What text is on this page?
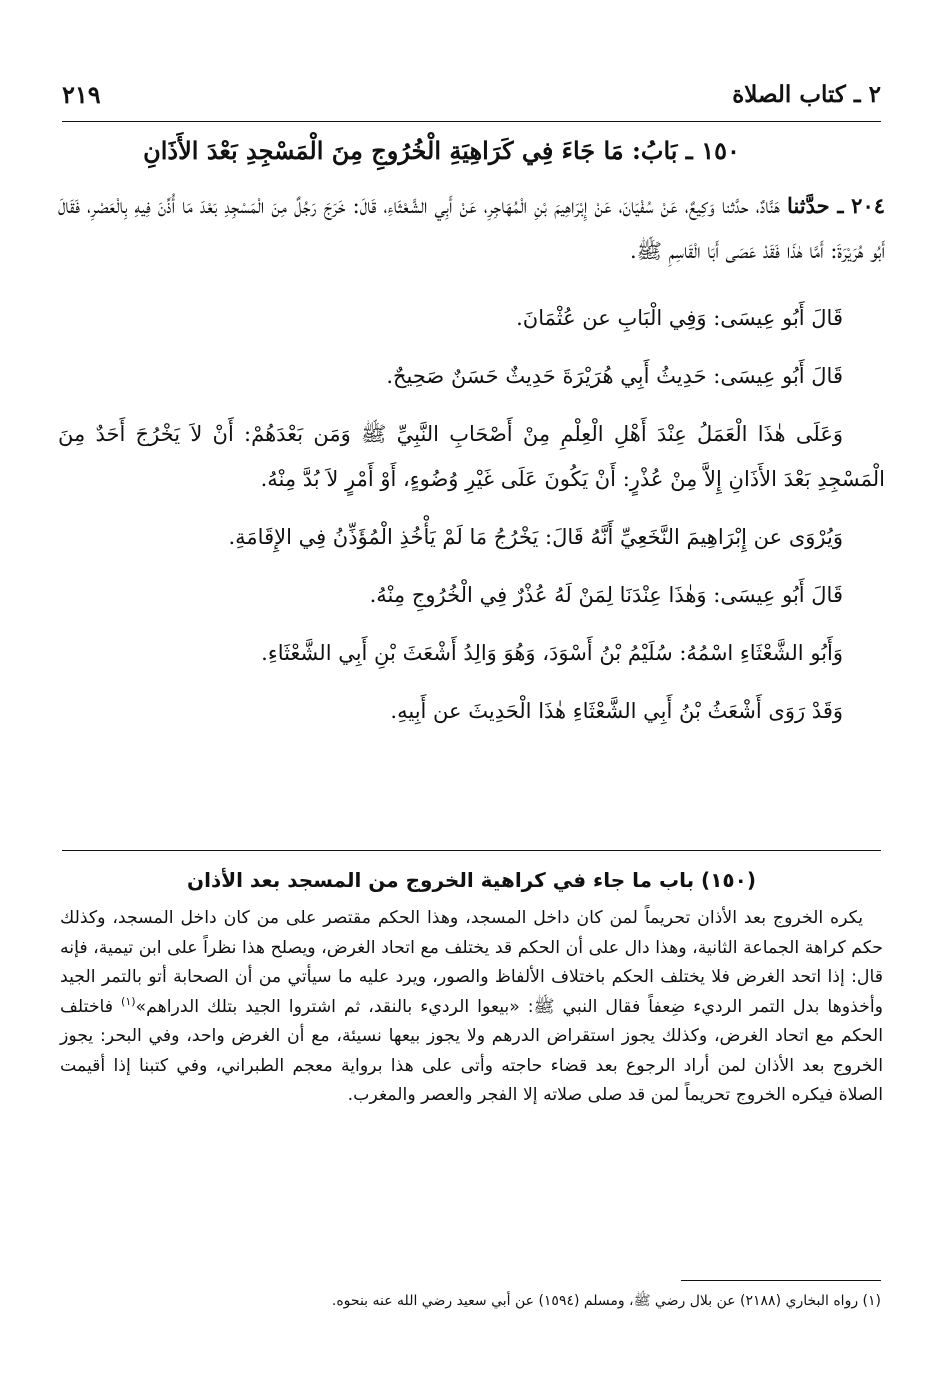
٢ ـ كتاب الصلاة
٢١٩
١٥٠ ـ بَابُ: مَا جَاءَ فِي كَرَاهِيَةِ الْخُرُوجِ مِنَ الْمَسْجِدِ بَعْدَ الأَذَانِ

٢٠٤ ـ حدَّثنا هَنَّادٌ، حدَّثنا وَكِيعٌ، عَنْ سُفْيَانَ، عَنْ إِبْرَاهِيمَ بْنِ الْمُهَاجِرِ، عَنْ أَبِي الشَّعْثَاءِ، قَالَ: خَرَجَ رَجُلٌ مِنَ الْمَسْجِدِ بَعْدَ مَا أُذِّنَ فِيهِ بِالْعَصْرِ، فَقَالَ أَبُو هُرَيْرَةَ: أَمَّا هٰذَا فَقَدْ عَصَى أَبَا الْقَاسِمِ ﷺ.

قَالَ أَبُو عِيسَى: وَفِي الْبَابِ عن عُثْمَانَ.

قَالَ أَبُو عِيسَى: حَدِيثُ أَبِي هُرَيْرَةَ حَدِيثٌ حَسَنٌ صَحِيحٌ.

وَعَلَى هٰذَا الْعَمَلُ عِنْدَ أَهْلِ الْعِلْمِ مِنْ أَصْحَابِ النَّبِيِّ ﷺ وَمَن بَعْدَهُمْ: أَنْ لاَ يَخْرُجَ أَحَدٌ مِنَ الْمَسْجِدِ بَعْدَ الأَذَانِ إِلاَّ مِنْ عُذْرٍ: أَنْ يَكُونَ عَلَى غَيْرِ وُضُوءٍ، أَوْ أَمْرٍ لاَ بُدَّ مِنْهُ.

وَيُرْوَى عن إِبْرَاهِيمَ النَّخَعِيِّ أَنَّهُ قَالَ: يَخْرُجُ مَا لَمْ يَأْخُذِ الْمُؤَذِّنُ فِي الإِقَامَةِ.

قَالَ أَبُو عِيسَى: وَهٰذَا عِنْدَنَا لِمَنْ لَهُ عُذْرٌ فِي الْخُرُوجِ مِنْهُ.

وَأَبُو الشَّعْثَاءِ اسْمُهُ: سُلَيْمُ بْنُ أَسْوَدَ، وَهُوَ وَالِدُ أَشْعَثَ بْنِ أَبِي الشَّعْثَاءِ.

وَقَدْ رَوَى أَشْعَثُ بْنُ أَبِي الشَّعْثَاءِ هٰذَا الْحَدِيثَ عن أَبِيهِ.

(١٥٠) باب ما جاء في كراهية الخروج من المسجد بعد الأذان

يكره الخروج بعد الأذان تحريماً لمن كان داخل المسجد، وهذا الحكم مقتصر على من كان داخل المسجد، وكذلك حكم كراهة الجماعة الثانية، وهذا دال على أن الحكم قد يختلف مع اتحاد الغرض، ويصلح هذا نظراً على ابن تيمية، فإنه قال: إذا اتحد الغرض فلا يختلف الحكم باختلاف الألفاظ والصور، ويرد عليه ما سيأتي من أن الصحابة أتو بالتمر الجيد وأخذوها بدل التمر الرديء ضِعفاً فقال النبي ﷺ: «بيعوا الرديء بالنقد، ثم اشتروا الجيد بتلك الدراهم»$^{(١)}$ فاختلف الحكم مع اتحاد الغرض، وكذلك يجوز استقراض الدرهم ولا يجوز بيعها نسيئة، مع أن الغرض واحد، وفي البحر: يجوز الخروج بعد الأذان لمن أراد الرجوع بعد قضاء حاجته وأتى على هذا برواية معجم الطبراني، وفي كتبنا إذا أقيمت الصلاة فيكره الخروج تحريماً لمن قد صلى صلاته إلا الفجر والعصر والمغرب.

(١) رواه البخاري (٢١٨٨) عن بلال رضي ﷺ، ومسلم (١٥٩٤) عن أبي سعيد رضي الله عنه بنحوه.
